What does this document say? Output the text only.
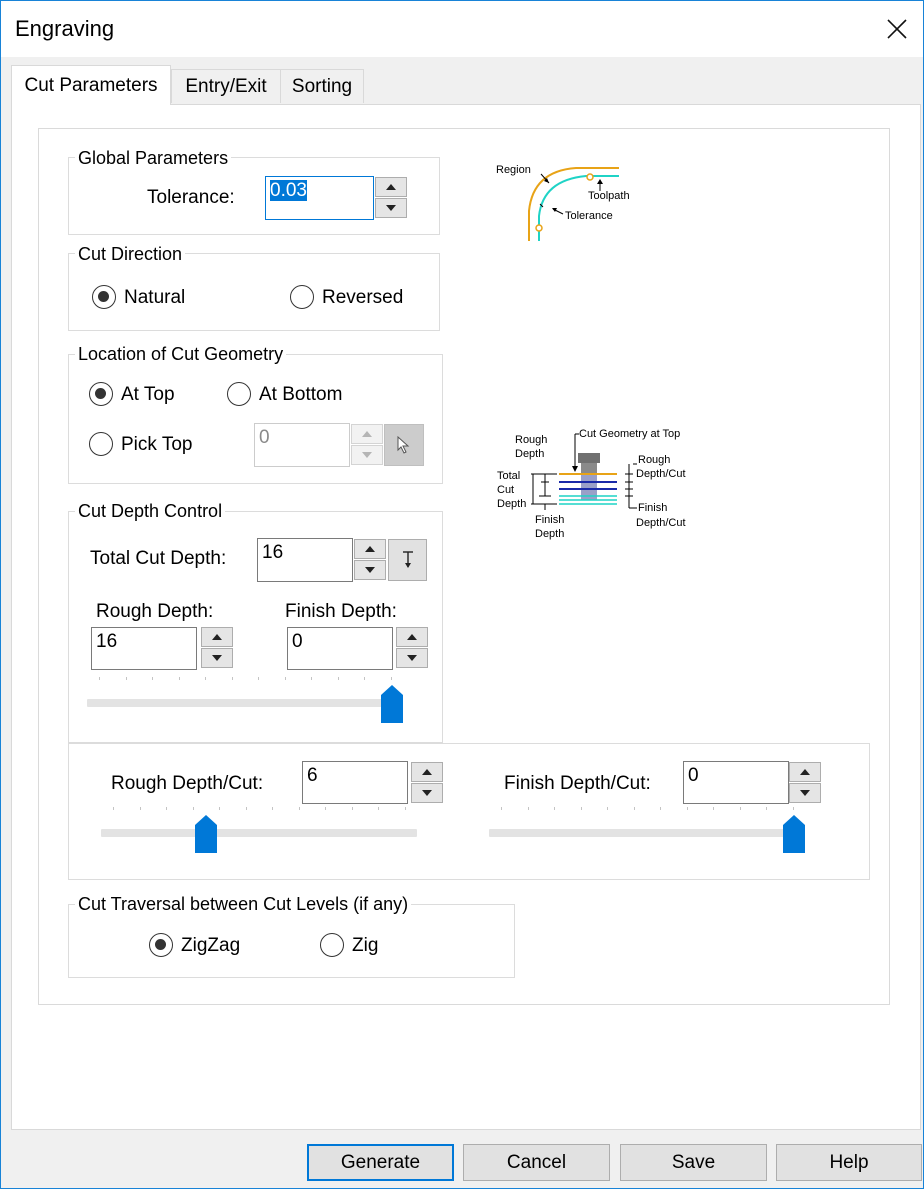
Engraving
Cut Parameters Entry/Exit Sorting
Global Parameters
Tolerance: 0.03
Cut Direction
Natural	Reversed
Location of Cut Geometry
At Top	At Bottom
Pick Top	0
Cut Depth Control
Total Cut Depth: 16
Rough Depth:
16
Finish Depth:
0
Rough Depth/Cut: 6	Finish Depth/Cut: 0
Cut Traversal between Cut Levels (if any)
ZigZag	Zig
Region
Toolpath
Tolerance
Cut Geometry at Top
Rough
Depth	Rough
Depth/Cut
Total
Cut
Depth
Finish
Depth
Finish
Depth/Cut
Generate	Cancel	Save	Help
